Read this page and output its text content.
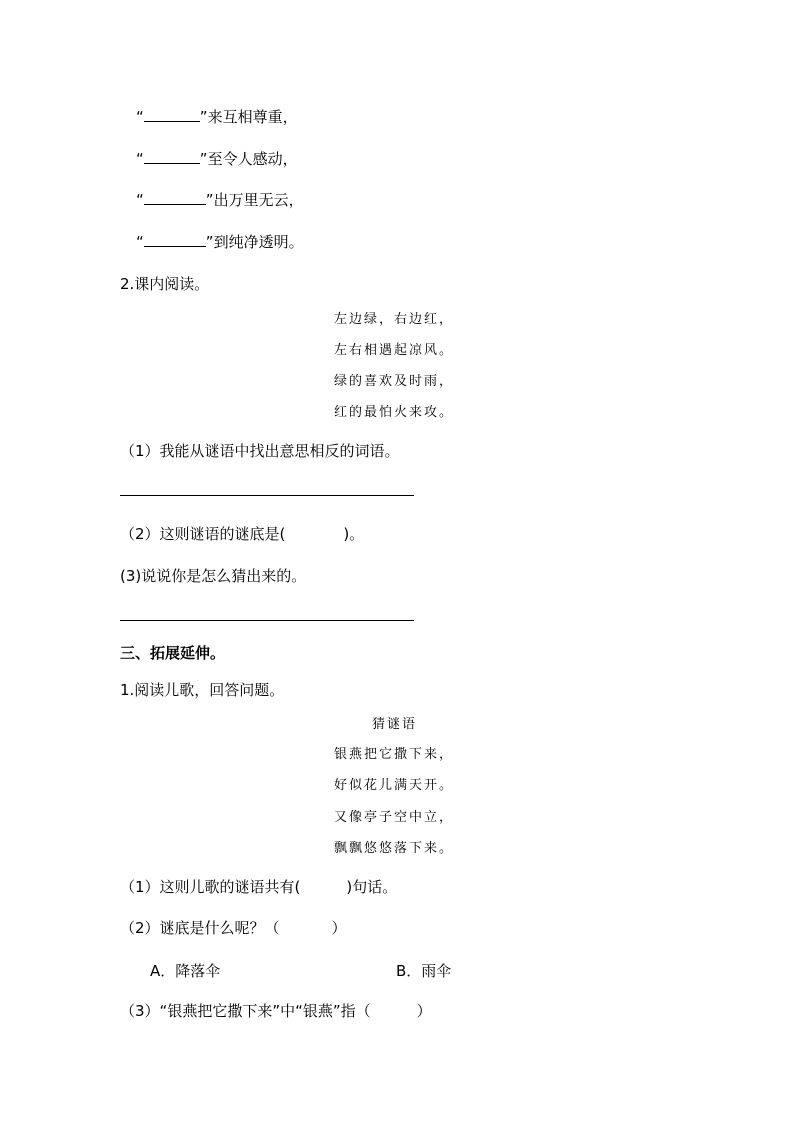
“	”来互相尊重，
“	”至令人感动，
“	”出万里无云，
“	”到纯净透明。
2.课内阅读。
左边绿，右边红，
左右相遇起凉风。
绿的喜欢及时雨，
红的最怕火来攻。
（1）我能从谜语中找出意思相反的词语。
（2）这则谜语的谜底是(	)。
(3)说说你是怎么猜出来的。
三、拓展延伸。
1.阅读儿歌，回答问题。
猜谜语
银燕把它撒下来，
好似花儿满天开。
又像亭子空中立，
飘飘悠悠落下来。
（1）这则儿歌的谜语共有(	)句话。
（2）谜底是什么呢？（	）
A．降落伞	B．雨伞
（3）“银燕把它撒下来”中“银燕”指（	）
